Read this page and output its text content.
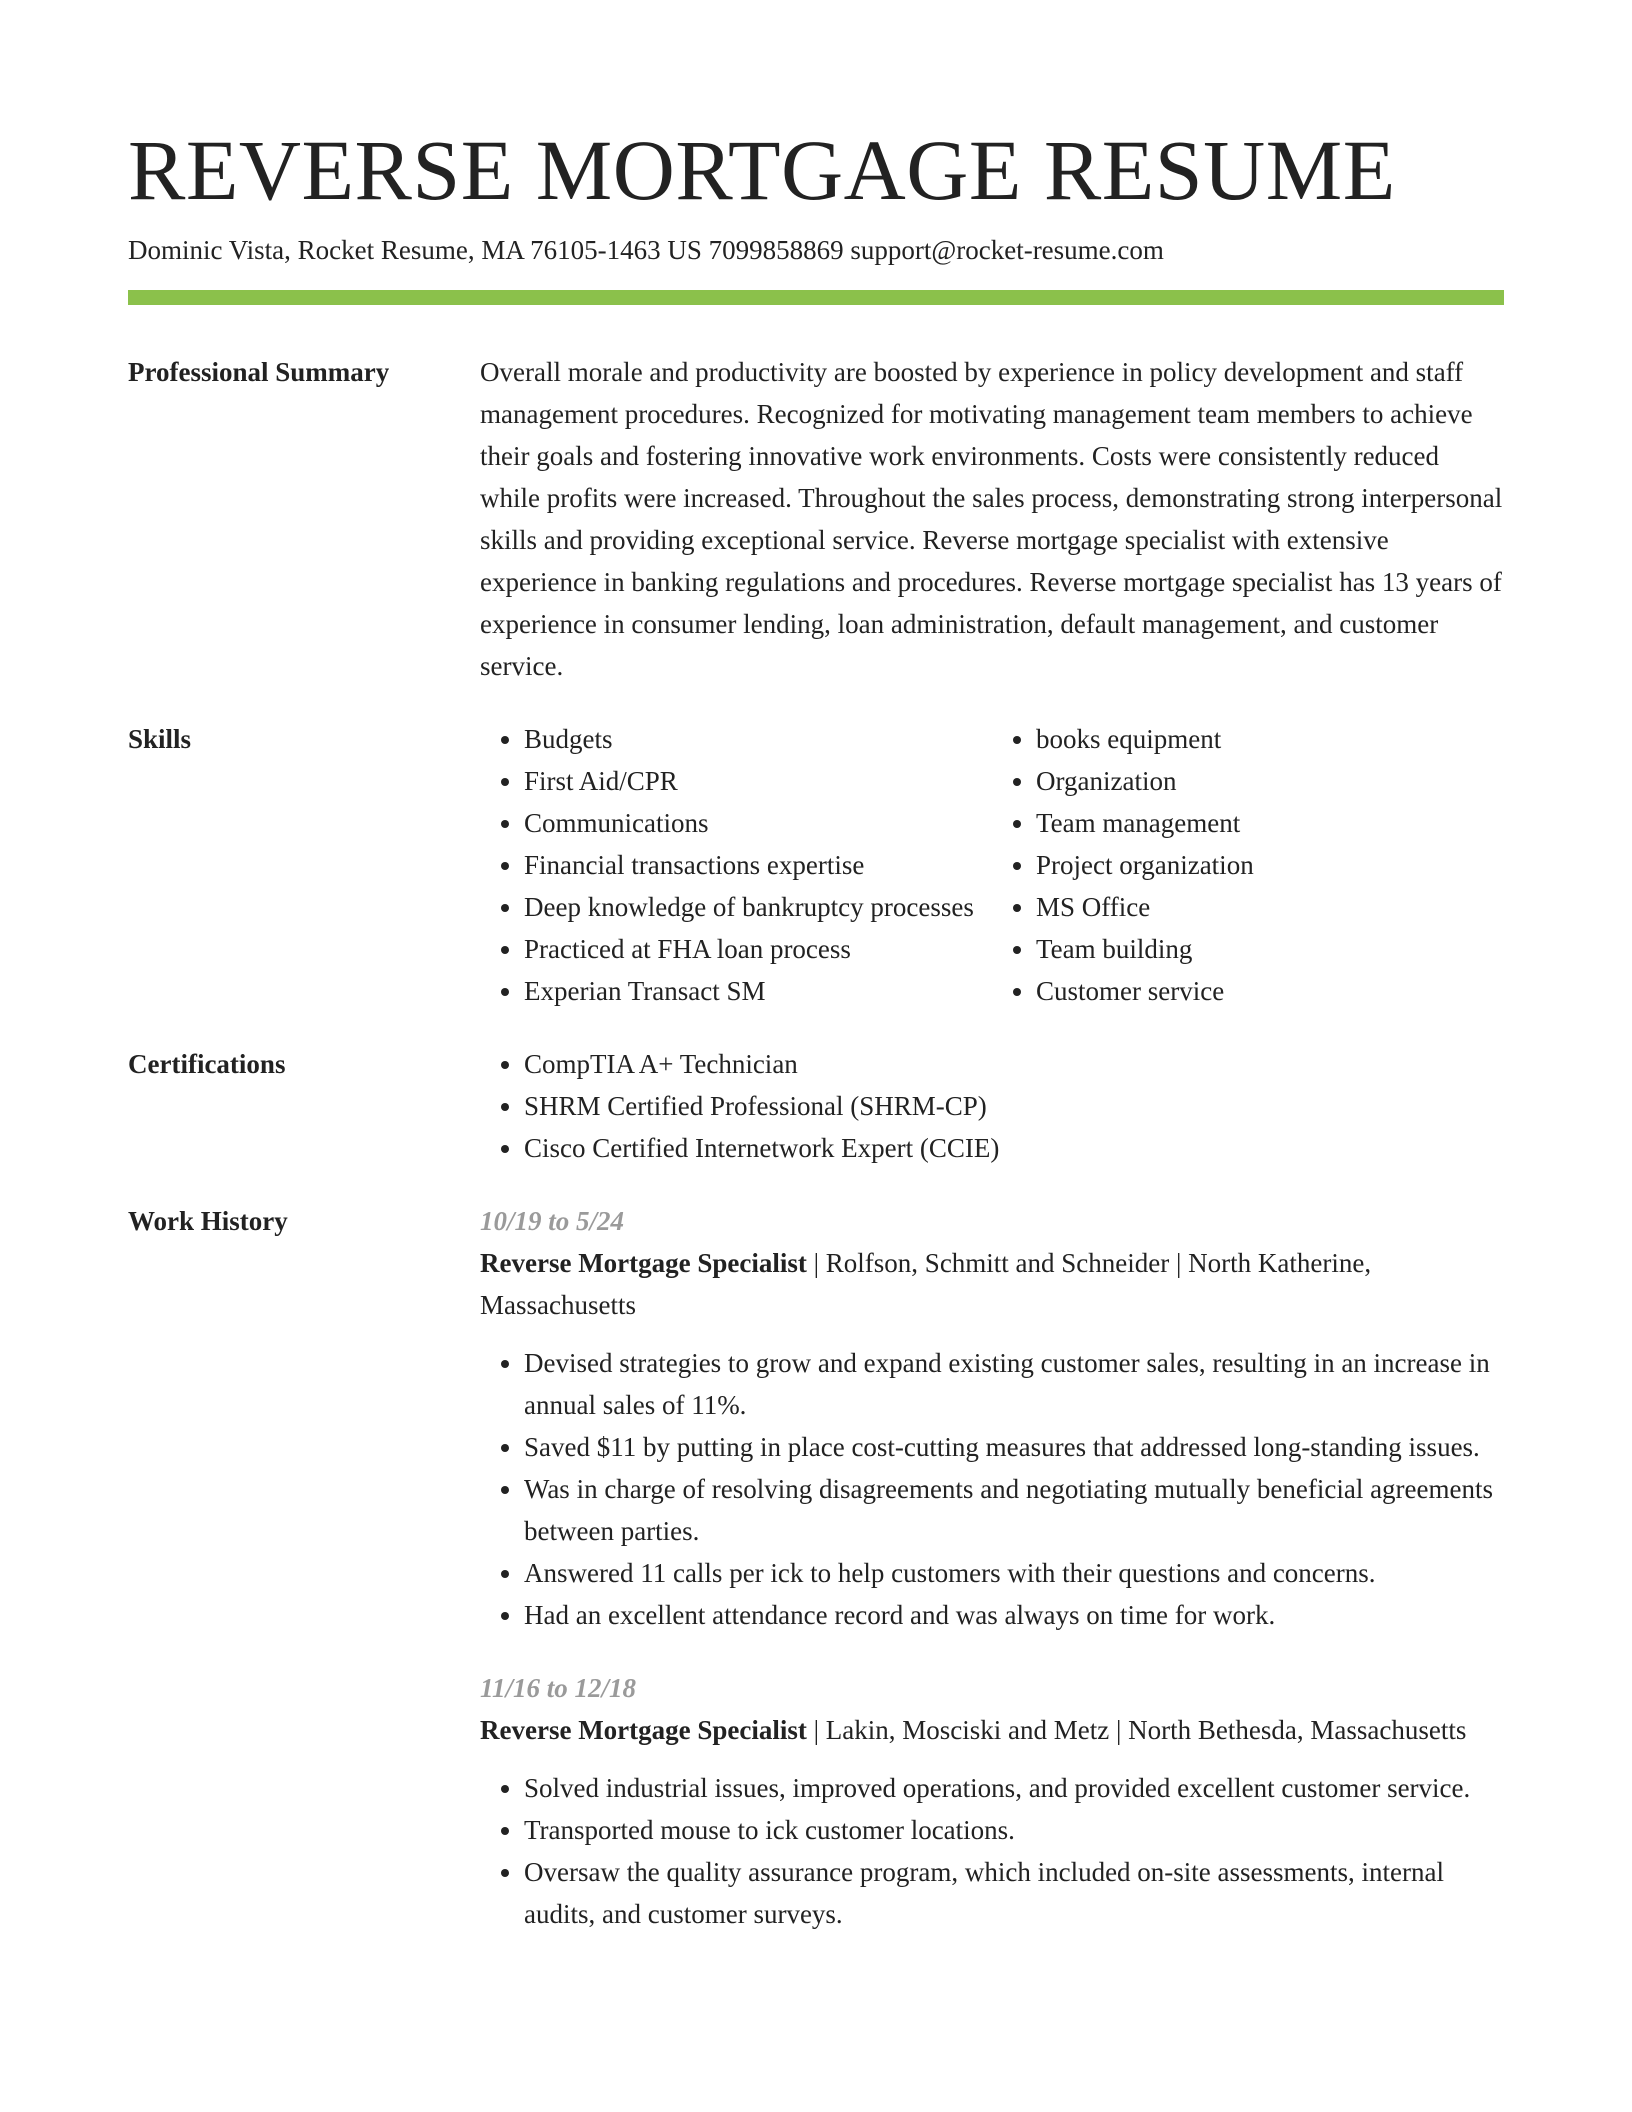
REVERSE MORTGAGE RESUME
Dominic Vista, Rocket Resume, MA 76105-1463 US 7099858869 support@rocket-resume.com
Professional Summary	Overall morale and productivity are boosted by experience in policy development and staff management procedures. Recognized for motivating management team members to achieve their goals and fostering innovative work environments. Costs were consistently reduced while profits were increased. Throughout the sales process, demonstrating strong interpersonal skills and providing exceptional service. Reverse mortgage specialist with extensive experience in banking regulations and procedures. Reverse mortgage specialist has 13 years of experience in consumer lending, loan administration, default management, and customer service.
Skills	• Budgets
• First Aid/CPR
• Communications
• Financial transactions expertise
• Deep knowledge of bankruptcy processes
• Practiced at FHA loan process
• Experian Transact SM
• books equipment
• Organization
• Team management
• Project organization
• MS Office
• Team building
• Customer service
Certifications	• CompTIA A+ Technician
• SHRM Certified Professional (SHRM-CP)
• Cisco Certified Internetwork Expert (CCIE)
Work History	10/19 to 5/24
Reverse Mortgage Specialist | Rolfson, Schmitt and Schneider | North Katherine, Massachusetts
• Devised strategies to grow and expand existing customer sales, resulting in an increase in annual sales of 11%.
• Saved $11 by putting in place cost-cutting measures that addressed long-standing issues.
• Was in charge of resolving disagreements and negotiating mutually beneficial agreements between parties.
• Answered 11 calls per ick to help customers with their questions and concerns.
• Had an excellent attendance record and was always on time for work.
11/16 to 12/18
Reverse Mortgage Specialist | Lakin, Mosciski and Metz | North Bethesda, Massachusetts
• Solved industrial issues, improved operations, and provided excellent customer service.
• Transported mouse to ick customer locations.
• Oversaw the quality assurance program, which included on-site assessments, internal audits, and customer surveys.
